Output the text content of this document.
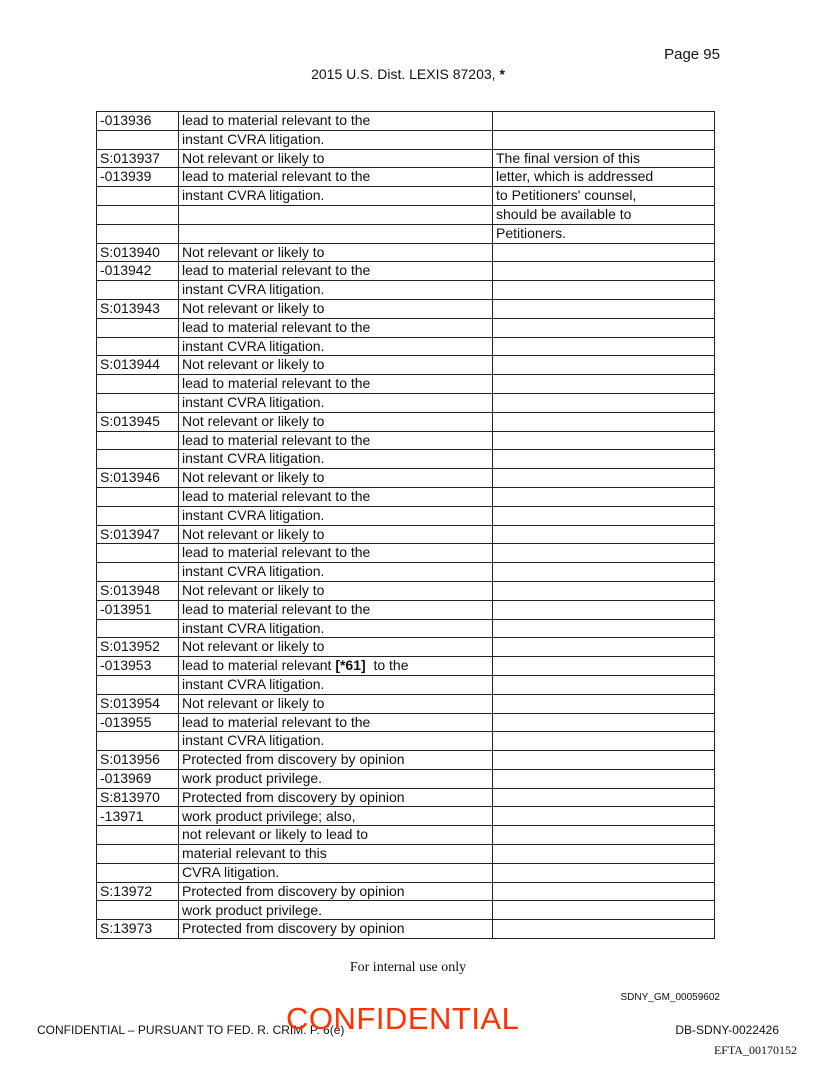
Page 95
2015 U.S. Dist. LEXIS 87203, *
-013936	lead to material relevant to the	
	instant CVRA litigation.	
S:013937	Not relevant or likely to	The final version of this
-013939	lead to material relevant to the	letter, which is addressed
	instant CVRA litigation.	to Petitioners' counsel,
		should be available to
		Petitioners.
S:013940	Not relevant or likely to	
-013942	lead to material relevant to the	
	instant CVRA litigation.	
S:013943	Not relevant or likely to	
	lead to material relevant to the	
	instant CVRA litigation.	
S:013944	Not relevant or likely to	
	lead to material relevant to the	
	instant CVRA litigation.	
S:013945	Not relevant or likely to	
	lead to material relevant to the	
	instant CVRA litigation.	
S:013946	Not relevant or likely to	
	lead to material relevant to the	
	instant CVRA litigation.	
S:013947	Not relevant or likely to	
	lead to material relevant to the	
	instant CVRA litigation.	
S:013948	Not relevant or likely to	
-013951	lead to material relevant to the	
	instant CVRA litigation.	
S:013952	Not relevant or likely to	
-013953	lead to material relevant [*61]  to the	
	instant CVRA litigation.	
S:013954	Not relevant or likely to	
-013955	lead to material relevant to the	
	instant CVRA litigation.	
S:013956	Protected from discovery by opinion	
-013969	work product privilege.	
S:813970	Protected from discovery by opinion	
-13971	work product privilege; also,	
	not relevant or likely to lead to	
	material relevant to this	
	CVRA litigation.	
S:13972	Protected from discovery by opinion	
	work product privilege.	
S:13973	Protected from discovery by opinion	
For internal use only
SDNY_GM_00059602
CONFIDENTIAL – PURSUANT TO FED. R. CRIM. P. 6(e)
CONFIDENTIAL	DB-SDNY-0022426
EFTA_00170152
